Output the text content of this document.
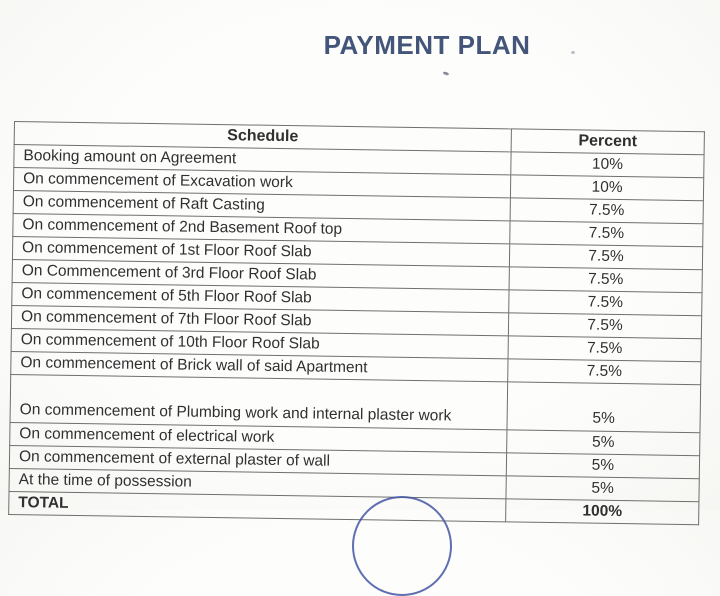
PAYMENT PLAN
Schedule	Percent
Booking amount on Agreement	10%
On commencement of Excavation work	10%
On commencement of Raft Casting	7.5%
On commencement of 2nd Basement Roof top	7.5%
On commencement of 1st Floor Roof Slab	7.5%
On Commencement of 3rd Floor Roof Slab	7.5%
On commencement of 5th Floor Roof Slab	7.5%
On commencement of 7th Floor Roof Slab	7.5%
On commencement of 10th Floor Roof Slab	7.5%
On commencement of Brick wall of said Apartment	7.5%
On commencement of Plumbing work and internal plaster work	5%
On commencement of electrical work	5%
On commencement of external plaster of wall	5%
At the time of possession	5%
TOTAL	100%
